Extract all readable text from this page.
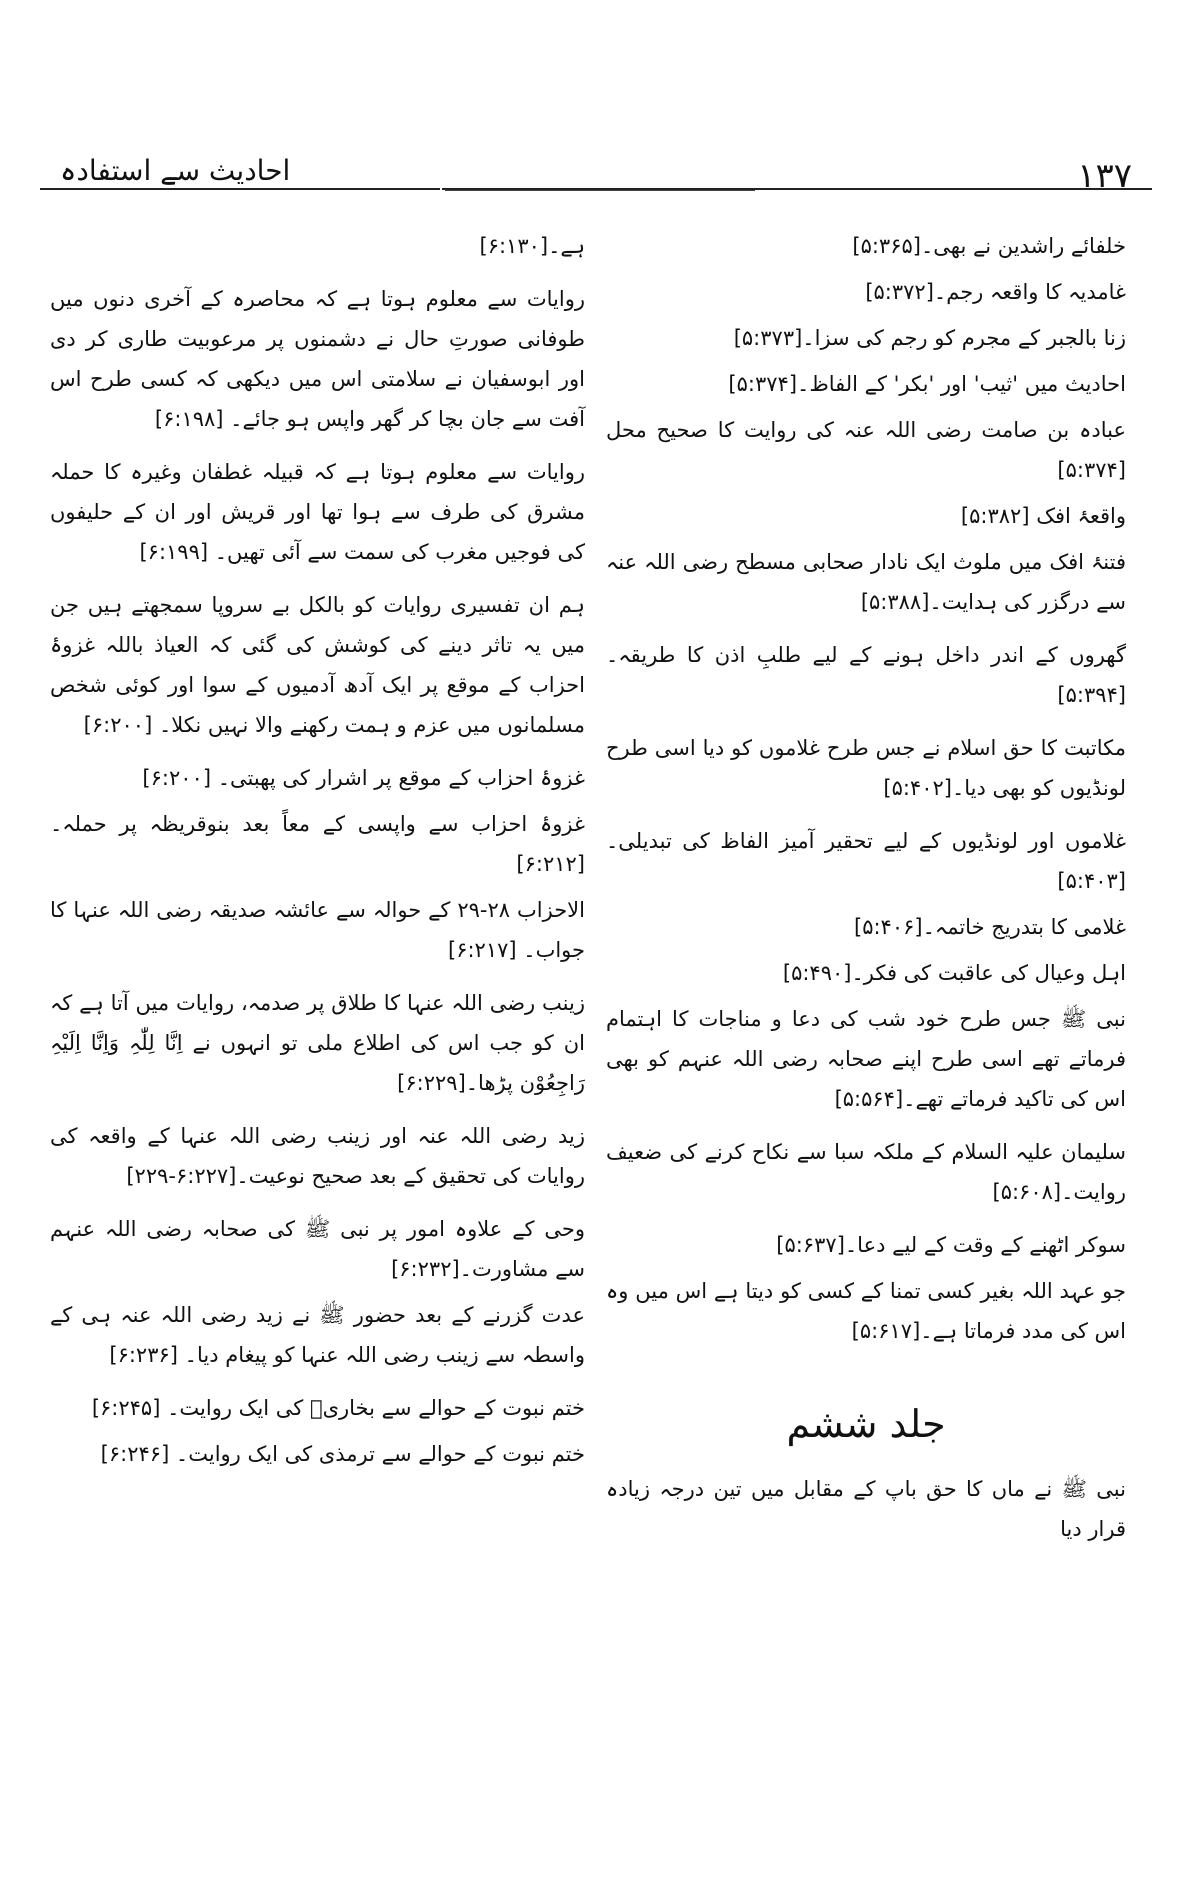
احادیث سے استفادہ	۱۳۷
خلفائے راشدین نے بھی۔[۵:۳۶۵]
غامدیہ کا واقعہ رجم۔[۵:۳۷۲]
زنا بالجبر کے مجرم کو رجم کی سزا۔[۵:۳۷۳]
احادیث میں 'ثیب' اور 'بکر' کے الفاظ۔[۵:۳۷۴]
عبادہ بن صامت رضی اللہ عنہ کی روایت کا صحیح محل [۵:۳۷۴]
واقعۂ افک [۵:۳۸۲]
فتنۂ افک میں ملوث ایک نادار صحابی مسطح رضی اللہ عنہ سے درگزر کی ہدایت۔[۵:۳۸۸]
گھروں کے اندر داخل ہونے کے لیے طلبِ اذن کا طریقہ۔ [۵:۳۹۴]
مکاتبت کا حق اسلام نے جس طرح غلاموں کو دیا اسی طرح لونڈیوں کو بھی دیا۔[۵:۴۰۲]
غلاموں اور لونڈیوں کے لیے تحقیر آمیز الفاظ کی تبدیلی۔[۵:۴۰۳]
غلامی کا بتدریج خاتمہ۔[۵:۴۰۶]
اہل وعیال کی عاقبت کی فکر۔[۵:۴۹۰]
نبی ﷺ جس طرح خود شب کی دعا و مناجات کا اہتمام فرماتے تھے اسی طرح اپنے صحابہ رضی اللہ عنہم کو بھی اس کی تاکید فرماتے تھے۔[۵:۵۶۴]
سلیمان علیہ السلام کے ملکہ سبا سے نکاح کرنے کی ضعیف روایت۔[۵:۶۰۸]
سوکر اٹھنے کے وقت کے لیے دعا۔[۵:۶۳۷]
جو عہد اللہ بغیر کسی تمنا کے کسی کو دیتا ہے اس میں وہ اس کی مدد فرماتا ہے۔[۵:۶۱۷]
جلد ششم
نبی ﷺ نے ماں کا حق باپ کے مقابل میں تین درجہ زیادہ قرار دیا
ہے۔[۶:۱۳۰]
روایات سے معلوم ہوتا ہے کہ محاصرہ کے آخری دنوں میں طوفانی صورتِ حال نے دشمنوں پر مرعوبیت طاری کر دی اور ابوسفیان نے سلامتی اس میں دیکھی کہ کسی طرح اس آفت سے جان بچا کر گھر واپس ہو جائے۔ [۶:۱۹۸]
روایات سے معلوم ہوتا ہے کہ قبیلہ غطفان وغیرہ کا حملہ مشرق کی طرف سے ہوا تھا اور قریش اور ان کے حلیفوں کی فوجیں مغرب کی سمت سے آئی تھیں۔ [۶:۱۹۹]
ہم ان تفسیری روایات کو بالکل بے سروپا سمجھتے ہیں جن میں یہ تاثر دینے کی کوشش کی گئی کہ العیاذ باللہ غزوۂ احزاب کے موقع پر ایک آدھ آدمیوں کے سوا اور کوئی شخص مسلمانوں میں عزم و ہمت رکھنے والا نہیں نکلا۔ [۶:۲۰۰]
غزوۂ احزاب کے موقع پر اشرار کی پھبتی۔ [۶:۲۰۰]
غزوۂ احزاب سے واپسی کے معاً بعد بنوقریظہ پر حملہ۔ [۶:۲۱۲]
الاحزاب ۲۸-۲۹ کے حوالہ سے عائشہ صدیقہ رضی اللہ عنہا کا جواب۔ [۶:۲۱۷]
زینب رضی اللہ عنہا کا طلاق پر صدمہ، روایات میں آتا ہے کہ ان کو جب اس کی اطلاع ملی تو انہوں نے اِنَّا لِلّٰہِ وَاِنَّا اِلَیْہِ رَاجِعُوْن پڑھا۔[۶:۲۲۹]
زید رضی اللہ عنہ اور زینب رضی اللہ عنہا کے واقعہ کی روایات کی تحقیق کے بعد صحیح نوعیت۔[۶:۲۲۷-۲۲۹]
وحی کے علاوہ امور پر نبی ﷺ کی صحابہ رضی اللہ عنہم سے مشاورت۔[۶:۲۳۲]
عدت گزرنے کے بعد حضور ﷺ نے زید رضی اللہ عنہ ہی کے واسطہ سے زینب رضی اللہ عنہا کو پیغام دیا۔ [۶:۲۳۶]
ختم نبوت کے حوالے سے بخاریؒ کی ایک روایت۔ [۶:۲۴۵]
ختم نبوت کے حوالے سے ترمذی کی ایک روایت۔ [۶:۲۴۶]
